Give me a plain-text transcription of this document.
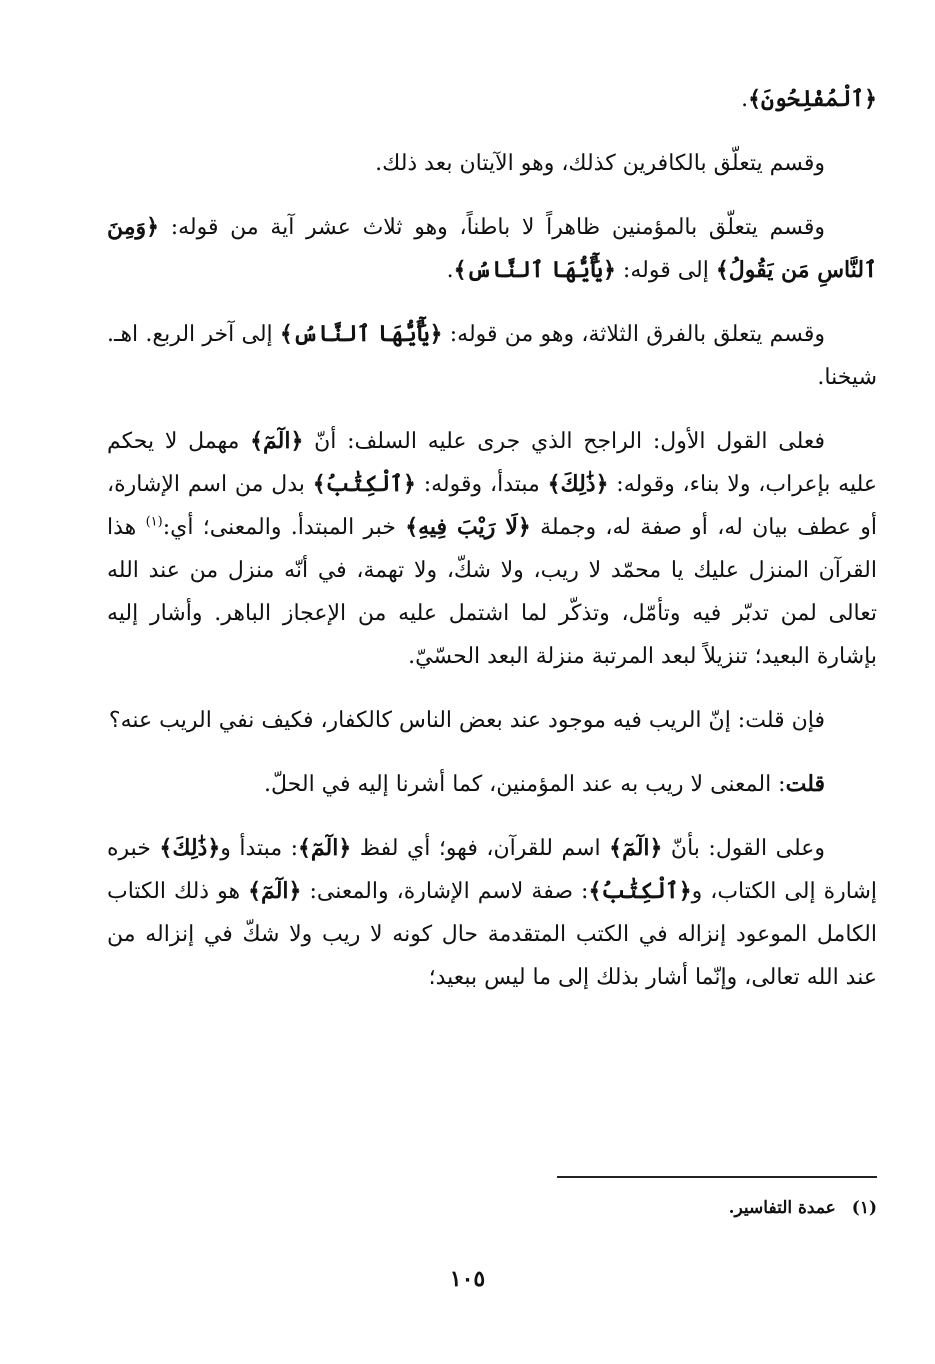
﴿ٱلْمُفْلِحُونَ﴾.

وقسم يتعلّق بالكافرين كذلك، وهو الآيتان بعد ذلك.

وقسم يتعلّق بالمؤمنين ظاهراً لا باطناً، وهو ثلاث عشر آية من قوله: ﴿وَمِنَ ٱلنَّاسِ مَن يَقُولُ﴾ إلى قوله: ﴿يَٰٓأَيُّهَا ٱلنَّاسُ﴾.

وقسم يتعلق بالفرق الثلاثة، وهو من قوله: ﴿يَٰٓأَيُّهَا ٱلنَّاسُ﴾ إلى آخر الربع. اهـ. شيخنا.

فعلى القول الأول: الراجح الذي جرى عليه السلف: أنّ ﴿الٓمٓ﴾ مهمل لا يحكم عليه بإعراب، ولا بناء، وقوله: ﴿ذَٰلِكَ﴾ مبتدأ، وقوله: ﴿ٱلْكِتَٰبُ﴾ بدل من اسم الإشارة، أو عطف بيان له، أو صفة له، وجملة ﴿لَا رَيْبَ فِيهِ﴾ خبر المبتدأ. والمعنى؛ أي:$^{(١)}$ هذا القرآن المنزل عليك يا محمّد لا ريب، ولا شكّ، ولا تهمة، في أنّه منزل من عند الله تعالى لمن تدبّر فيه وتأمّل، وتذكّر لما اشتمل عليه من الإعجاز الباهر. وأشار إليه بإشارة البعيد؛ تنزيلاً لبعد المرتبة منزلة البعد الحسّيّ.

فإن قلت: إنّ الريب فيه موجود عند بعض الناس كالكفار، فكيف نفي الريب عنه؟

قلت: المعنى لا ريب به عند المؤمنين، كما أشرنا إليه في الحلّ.

وعلى القول: بأنّ ﴿الٓمٓ﴾ اسم للقرآن، فهو؛ أي لفظ ﴿الٓمٓ﴾: مبتدأ و﴿ذَٰلِكَ﴾ خبره إشارة إلى الكتاب، و﴿ٱلْكِتَٰبُ﴾: صفة لاسم الإشارة، والمعنى: ﴿الٓمٓ﴾ هو ذلك الكتاب الكامل الموعود إنزاله في الكتب المتقدمة حال كونه لا ريب ولا شكّ في إنزاله من عند الله تعالى، وإنّما أشار بذلك إلى ما ليس ببعيد؛

(١) عمدة التفاسير.
١٠٥
